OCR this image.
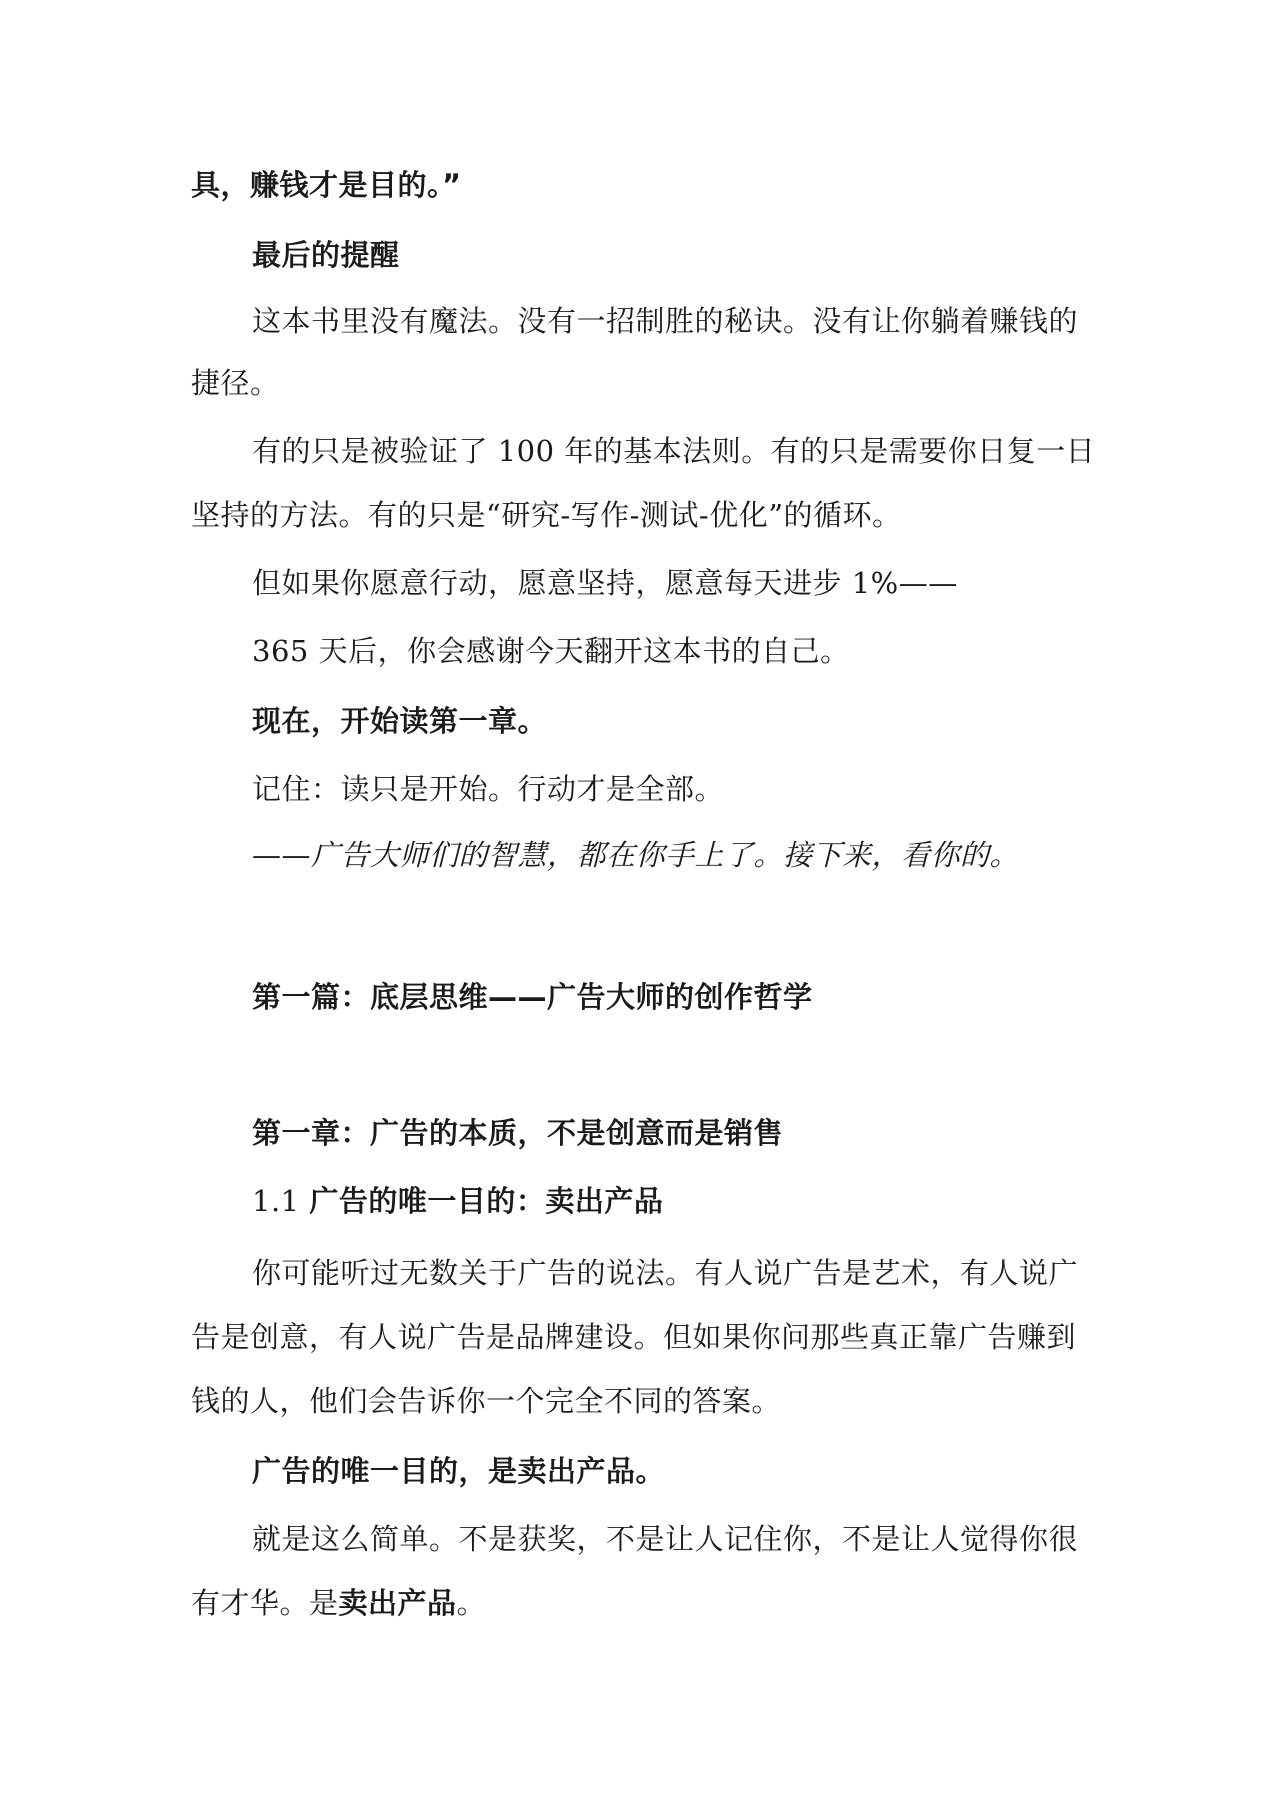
具，赚钱才是目的。”

最后的提醒

这本书里没有魔法。没有一招制胜的秘诀。没有让你躺着赚钱的

捷径。

有的只是被验证了 100 年的基本法则。有的只是需要你日复一日

坚持的方法。有的只是“研究-写作-测试-优化”的循环。

但如果你愿意行动，愿意坚持，愿意每天进步 1%——

365 天后，你会感谢今天翻开这本书的自己。

现在，开始读第一章。

记住：读只是开始。行动才是全部。

——广告大师们的智慧，都在你手上了。接下来，看你的。

第一篇：底层思维——广告大师的创作哲学

第一章：广告的本质，不是创意而是销售

1.1 广告的唯一目的：卖出产品

你可能听过无数关于广告的说法。有人说广告是艺术，有人说广

告是创意，有人说广告是品牌建设。但如果你问那些真正靠广告赚到

钱的人，他们会告诉你一个完全不同的答案。

广告的唯一目的，是卖出产品。

就是这么简单。不是获奖，不是让人记住你，不是让人觉得你很

有才华。是卖出产品。
